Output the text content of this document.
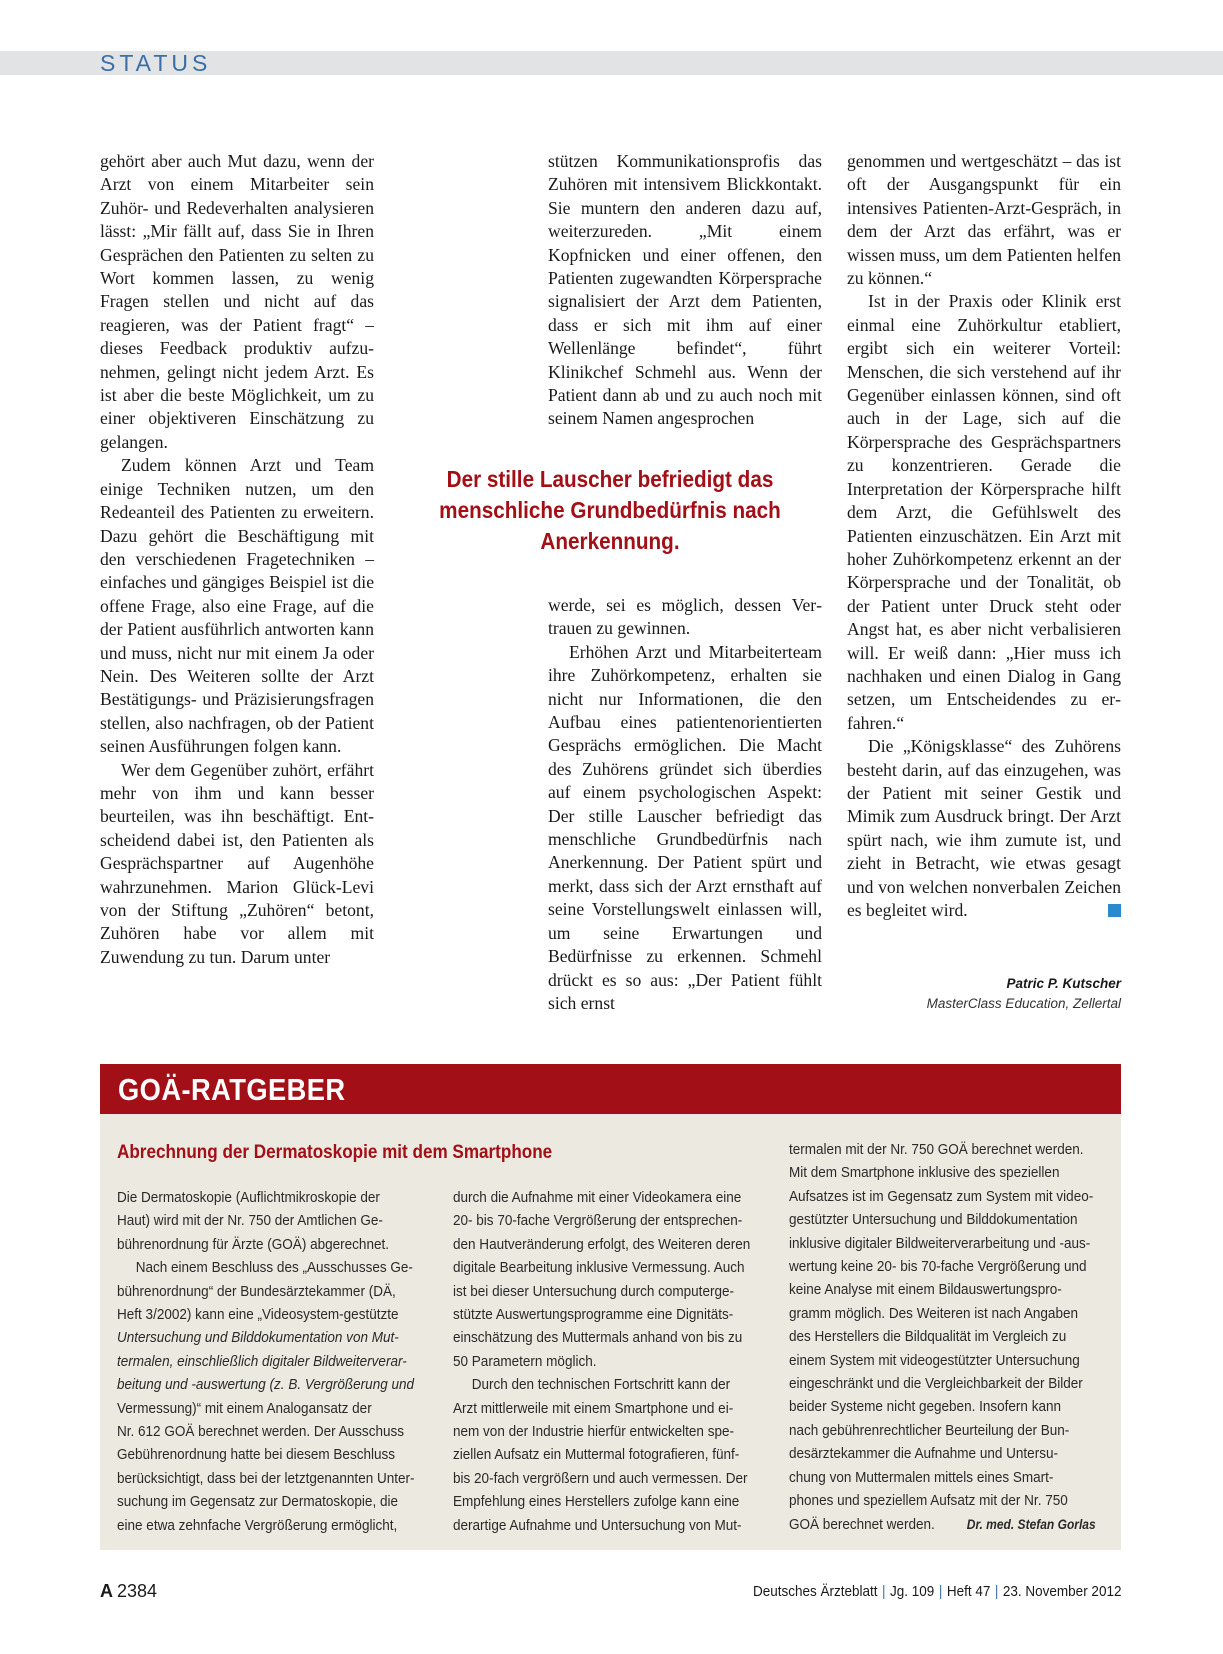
STATUS

gehört aber auch Mut dazu, wenn der Arzt von einem Mitarbeiter sein Zuhör- und Redeverhalten analysieren lässt: „Mir fällt auf, dass Sie in Ihren Gesprächen den Patienten zu selten zu Wort kommen lassen, zu wenig Fragen stellen und nicht auf das reagieren, was der Patient fragt“ – dieses Feedback produktiv aufzunehmen, gelingt nicht jedem Arzt. Es ist aber die beste Möglichkeit, um zu einer objektiveren Einschätzung zu gelangen.

Zudem können Arzt und Team einige Techniken nutzen, um den Redeanteil des Patienten zu erweitern. Dazu gehört die Beschäftigung mit den verschiedenen Fragetechniken – einfaches und gängiges Beispiel ist die offene Frage, also eine Frage, auf die der Patient ausführlich antworten kann und muss, nicht nur mit einem Ja oder Nein. Des Weiteren sollte der Arzt Bestätigungs- und Präzisierungsfragen stellen, also nachfragen, ob der Patient seinen Ausführungen folgen kann.

Wer dem Gegenüber zuhört, erfährt mehr von ihm und kann besser beurteilen, was ihn beschäftigt. Entscheidend dabei ist, den Patienten als Gesprächspartner auf Augenhöhe wahrzunehmen. Marion Glück-Levi von der Stiftung „Zuhören“ betont, Zuhören habe vor allem mit Zuwendung zu tun. Darum unter

stützen Kommunikationsprofis das Zuhören mit intensivem Blickkontakt. Sie muntern den anderen dazu auf, weiterzureden. „Mit einem Kopfnicken und einer offenen, den Patienten zugewandten Körpersprache signalisiert der Arzt dem Patienten, dass er sich mit ihm auf einer Wellenlänge befindet“, führt Klinikchef Schmehl aus. Wenn der Patient dann ab und zu auch noch mit seinem Namen angesprochen

Der stille Lauscher befriedigt das menschliche Grundbedürfnis nach Anerkennung.

werde, sei es möglich, dessen Vertrauen zu gewinnen.

Erhöhen Arzt und Mitarbeiterteam ihre Zuhörkompetenz, erhalten sie nicht nur Informationen, die den Aufbau eines patientenorientierten Gesprächs ermöglichen. Die Macht des Zuhörens gründet sich überdies auf einem psychologischen Aspekt: Der stille Lauscher befriedigt das menschliche Grundbedürfnis nach Anerkennung. Der Patient spürt und merkt, dass sich der Arzt ernsthaft auf seine Vorstellungswelt einlassen will, um seine Erwartungen und Bedürfnisse zu erkennen. Schmehl drückt es so aus: „Der Patient fühlt sich ernst

genommen und wertgeschätzt – das ist oft der Ausgangspunkt für ein intensives Patienten-Arzt-Gespräch, in dem der Arzt das erfährt, was er wissen muss, um dem Patienten helfen zu können.“

Ist in der Praxis oder Klinik erst einmal eine Zuhörkultur etabliert, ergibt sich ein weiterer Vorteil: Menschen, die sich verstehend auf ihr Gegenüber einlassen können, sind oft auch in der Lage, sich auf die Körpersprache des Gesprächspartners zu konzentrieren. Gerade die Interpretation der Körpersprache hilft dem Arzt, die Gefühlswelt des Patienten einzuschätzen. Ein Arzt mit hoher Zuhörkompetenz erkennt an der Körpersprache und der Tonalität, ob der Patient unter Druck steht oder Angst hat, es aber nicht verbalisieren will. Er weiß dann: „Hier muss ich nachhaken und einen Dialog in Gang setzen, um Entscheidendes zu erfahren.“

Die „Königsklasse“ des Zuhörens besteht darin, auf das einzugehen, was der Patient mit seiner Gestik und Mimik zum Ausdruck bringt. Der Arzt spürt nach, wie ihm zumute ist, und zieht in Betracht, wie etwas gesagt und von welchen nonverbalen Zeichen es begleitet wird.

Patric P. Kutscher
MasterClass Education, Zellertal
GOÄ-RATGEBER
Abrechnung der Dermatoskopie mit dem Smartphone
Die Dermatoskopie (Auflichtmikroskopie der
Haut) wird mit der Nr. 750 der Amtlichen Ge-
bührenordnung für Ärzte (GOÄ) abgerechnet.
Nach einem Beschluss des „Ausschusses Ge-
bührenordnung“ der Bundesärztekammer (DÄ,
Heft 3/2002) kann eine „Videosystem-gestützte
Untersuchung und Bilddokumentation von Mut-
termalen, einschließlich digitaler Bildweiterverar-
beitung und -auswertung (z. B. Vergrößerung und
Vermessung)“ mit einem Analogansatz der
Nr. 612 GOÄ berechnet werden. Der Ausschuss
Gebührenordnung hatte bei diesem Beschluss
berücksichtigt, dass bei der letztgenannten Unter-
suchung im Gegensatz zur Dermatoskopie, die
eine etwa zehnfache Vergrößerung ermöglicht,
durch die Aufnahme mit einer Videokamera eine
20- bis 70-fache Vergrößerung der entsprechen-
den Hautveränderung erfolgt, des Weiteren deren
digitale Bearbeitung inklusive Vermessung. Auch
ist bei dieser Untersuchung durch computerge-
stützte Auswertungsprogramme eine Dignitäts-
einschätzung des Muttermals anhand von bis zu
50 Parametern möglich.
Durch den technischen Fortschritt kann der
Arzt mittlerweile mit einem Smartphone und ei-
nem von der Industrie hierfür entwickelten spe-
ziellen Aufsatz ein Muttermal fotografieren, fünf-
bis 20-fach vergrößern und auch vermessen. Der
Empfehlung eines Herstellers zufolge kann eine
derartige Aufnahme und Untersuchung von Mut-
termalen mit der Nr. 750 GOÄ berechnet werden.
Mit dem Smartphone inklusive des speziellen
Aufsatzes ist im Gegensatz zum System mit video-
gestützter Untersuchung und Bilddokumentation
inklusive digitaler Bildweiterverarbeitung und -aus-
wertung keine 20- bis 70-fache Vergrößerung und
keine Analyse mit einem Bildauswertungspro-
gramm möglich. Des Weiteren ist nach Angaben
des Herstellers die Bildqualität im Vergleich zu
einem System mit videogestützter Untersuchung
eingeschränkt und die Vergleichbarkeit der Bilder
beider Systeme nicht gegeben. Insofern kann
nach gebührenrechtlicher Beurteilung der Bun-
desärztekammer die Aufnahme und Untersu-
chung von Muttermalen mittels eines Smart-
phones und speziellem Aufsatz mit der Nr. 750
GOÄ berechnet werden. Dr. med. Stefan Gorlas
A 2384	Deutsches Ärzteblatt | Jg. 109 | Heft 47 | 23. November 2012
